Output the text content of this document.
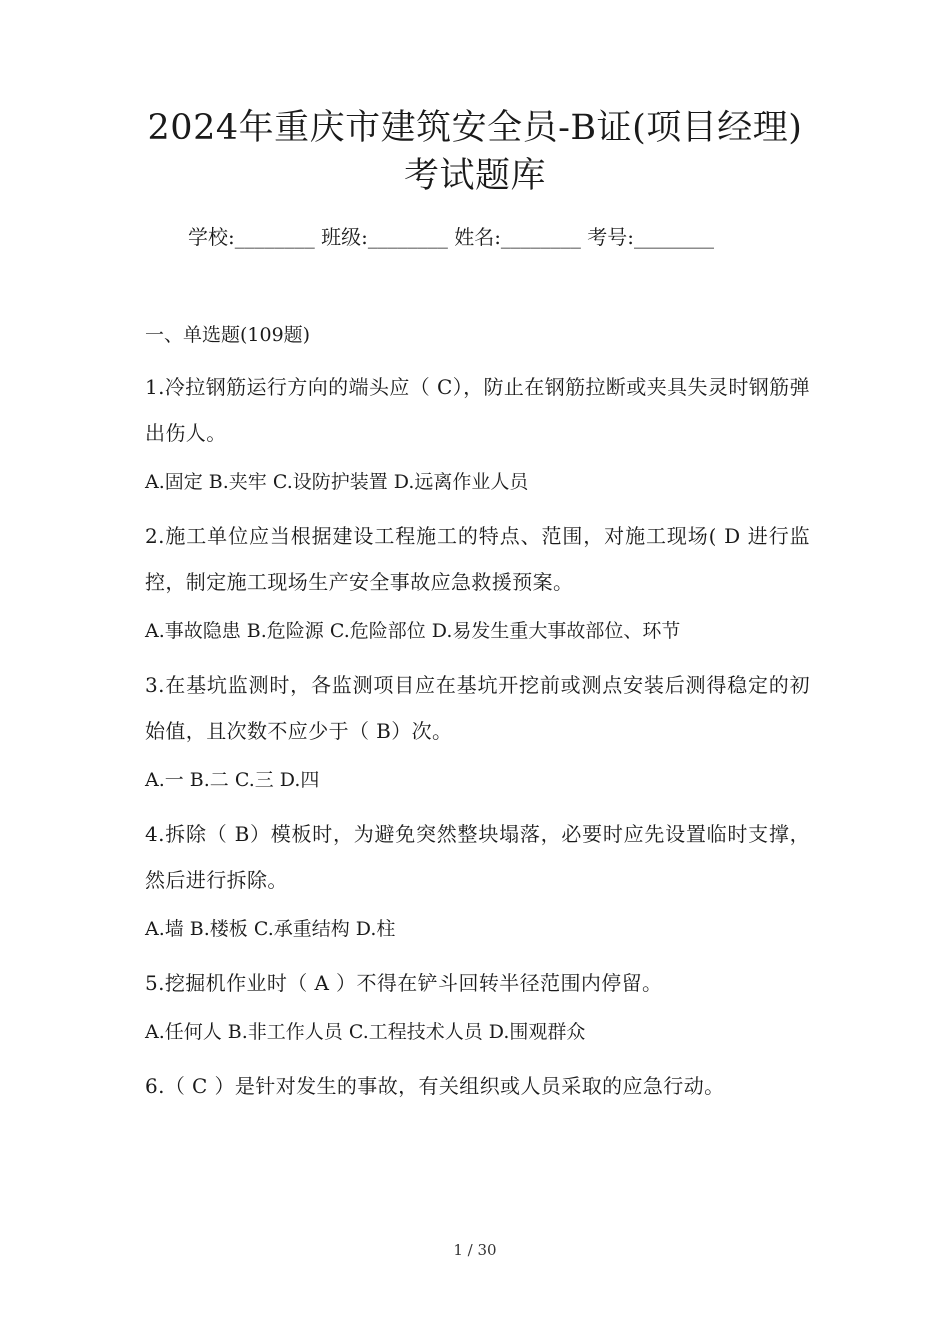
2024年重庆市建筑安全员-B证(项目经理)
考试题库
学校:________ 班级:________ 姓名:________ 考号:________
一、单选题(109题)
1.冷拉钢筋运行方向的端头应（ C），防止在钢筋拉断或夹具失灵时钢筋弹出伤人。
A.固定 B.夹牢 C.设防护装置 D.远离作业人员
2.施工单位应当根据建设工程施工的特点、范围，对施工现场( D 进行监控，制定施工现场生产安全事故应急救援预案。
A.事故隐患 B.危险源 C.危险部位 D.易发生重大事故部位、环节
3.在基坑监测时，各监测项目应在基坑开挖前或测点安装后测得稳定的初始值，且次数不应少于（ B）次。
A.一 B.二 C.三 D.四
4.拆除（ B）模板时，为避免突然整块塌落，必要时应先设置临时支撑，然后进行拆除。
A.墙 B.楼板 C.承重结构 D.柱
5.挖掘机作业时（ A ）不得在铲斗回转半径范围内停留。
A.任何人 B.非工作人员 C.工程技术人员 D.围观群众
6.（ C ）是针对发生的事故，有关组织或人员采取的应急行动。
1 / 30
